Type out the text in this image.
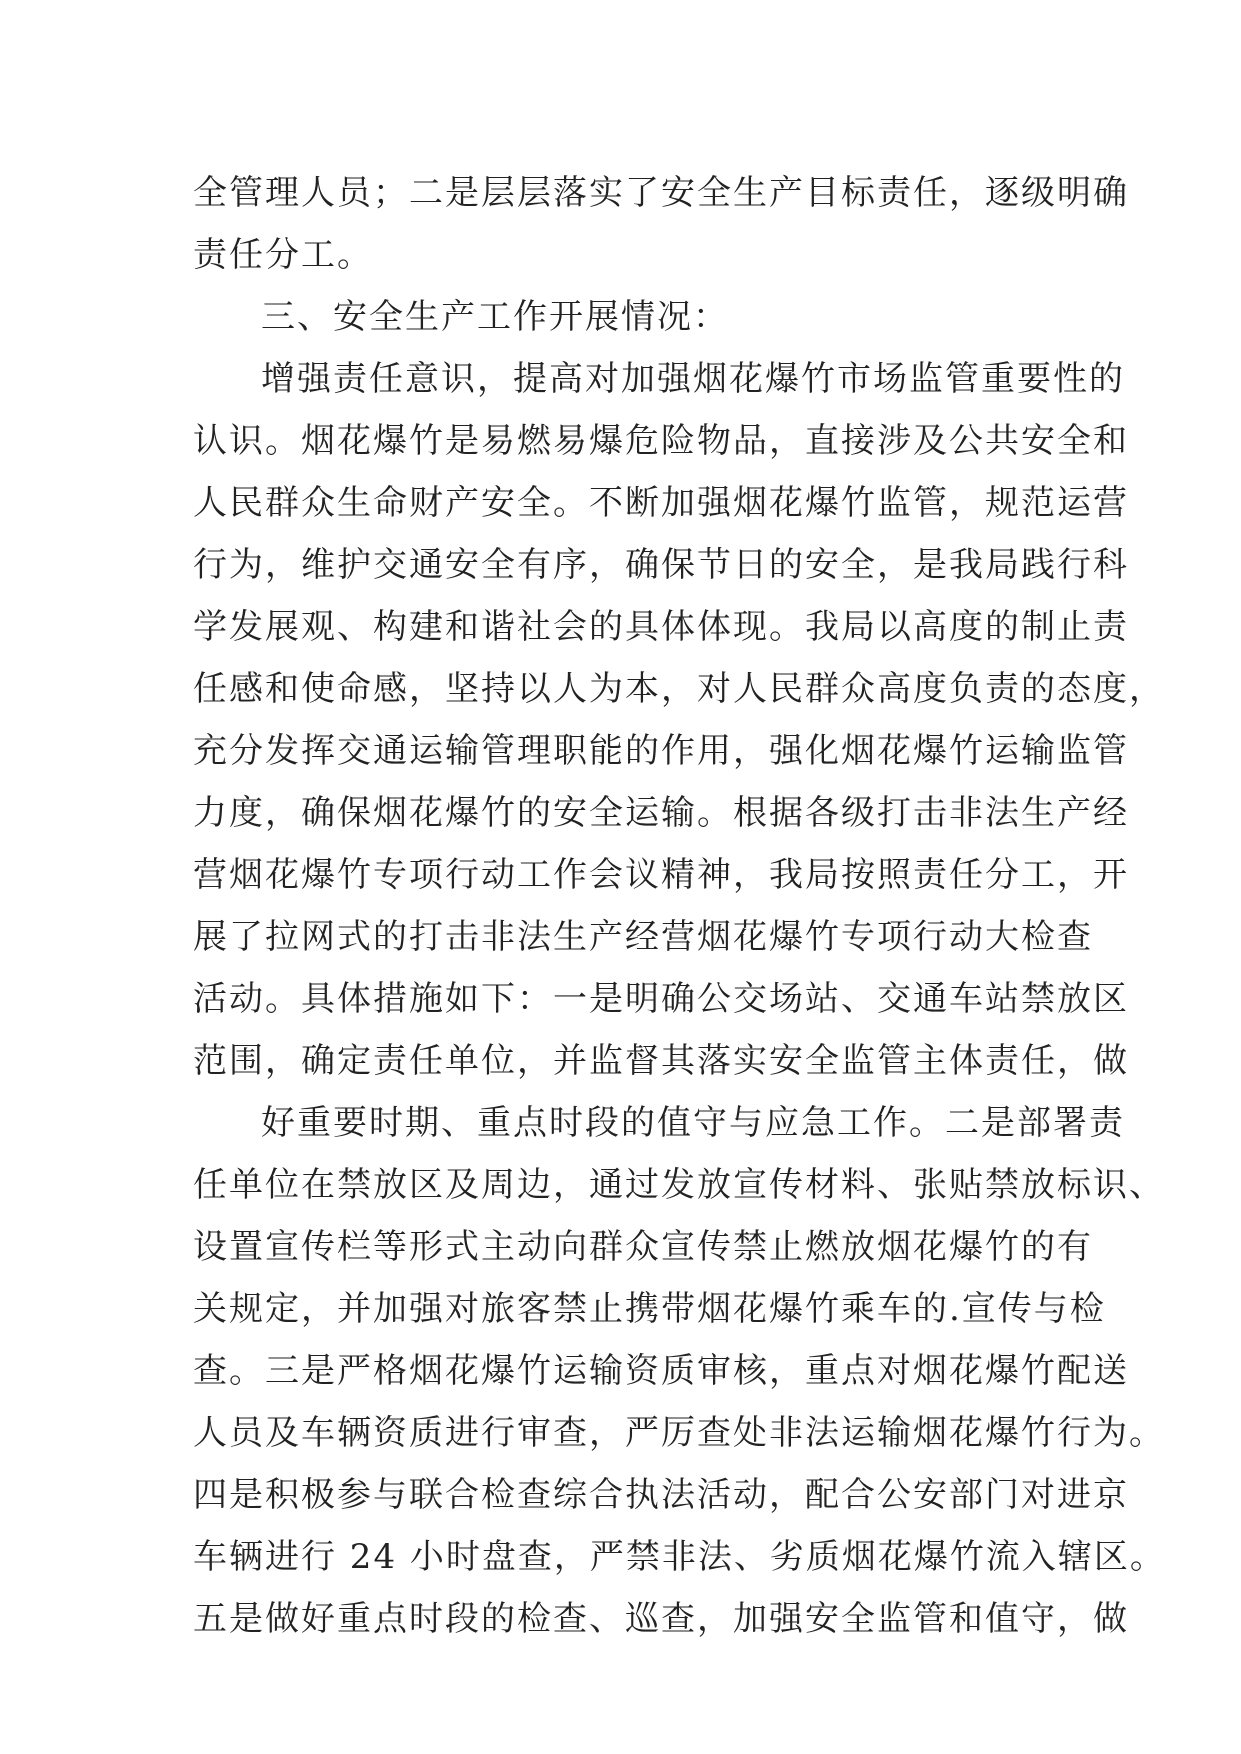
全管理人员；二是层层落实了安全生产目标责任，逐级明确
责任分工。
三、安全生产工作开展情况：
增强责任意识，提高对加强烟花爆竹市场监管重要性的
认识。烟花爆竹是易燃易爆危险物品，直接涉及公共安全和
人民群众生命财产安全。不断加强烟花爆竹监管，规范运营
行为，维护交通安全有序，确保节日的安全，是我局践行科
学发展观、构建和谐社会的具体体现。我局以高度的制止责
任感和使命感，坚持以人为本，对人民群众高度负责的态度，
充分发挥交通运输管理职能的作用，强化烟花爆竹运输监管
力度，确保烟花爆竹的安全运输。根据各级打击非法生产经
营烟花爆竹专项行动工作会议精神，我局按照责任分工，开
展了拉网式的打击非法生产经营烟花爆竹专项行动大检查
活动。具体措施如下：一是明确公交场站、交通车站禁放区
范围，确定责任单位，并监督其落实安全监管主体责任，做
好重要时期、重点时段的值守与应急工作。二是部署责
任单位在禁放区及周边，通过发放宣传材料、张贴禁放标识、
设置宣传栏等形式主动向群众宣传禁止燃放烟花爆竹的有
关规定，并加强对旅客禁止携带烟花爆竹乘车的.宣传与检
查。三是严格烟花爆竹运输资质审核，重点对烟花爆竹配送
人员及车辆资质进行审查，严厉查处非法运输烟花爆竹行为。
四是积极参与联合检查综合执法活动，配合公安部门对进京
车辆进行 24 小时盘查，严禁非法、劣质烟花爆竹流入辖区。
五是做好重点时段的检查、巡查，加强安全监管和值守，做
